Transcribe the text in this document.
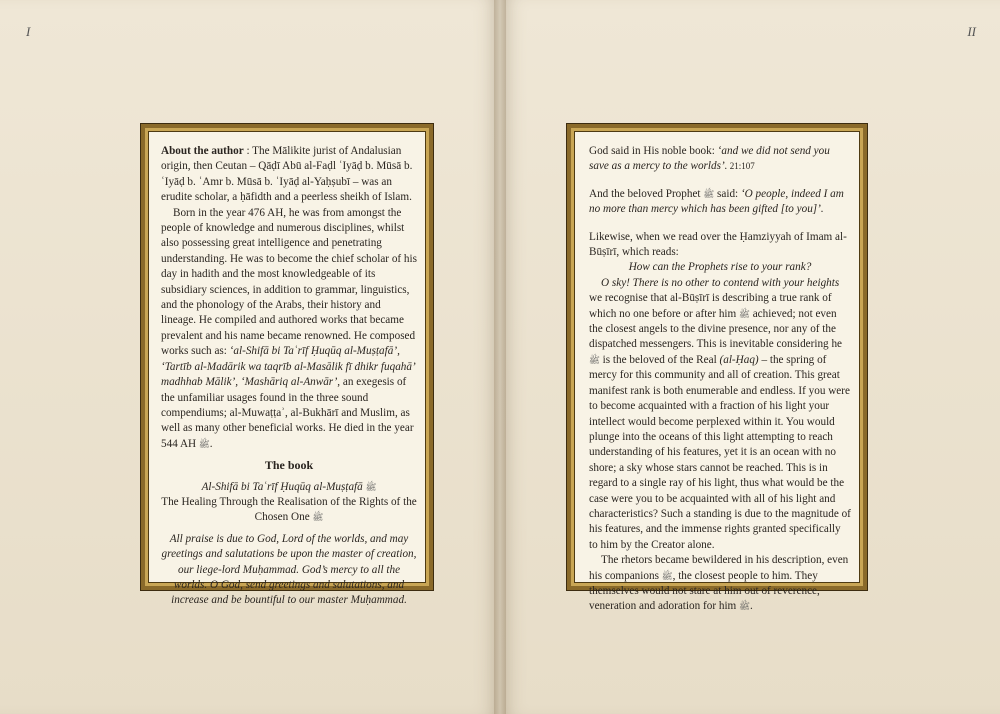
I	II

About the author : The Mālikite jurist of Andalusian origin, then Ceutan – Qāḍī Abū al-Faḍl ʿIyāḍ b. Mūsā b. ʿIyāḍ b. ʿAmr b. Mūsā b. ʿIyāḍ al-Yaḥṣubī – was an erudite scholar, a ḥāfidth and a peerless sheikh of Islam.

Born in the year 476 AH, he was from amongst the people of knowledge and numerous disciplines, whilst also possessing great intelligence and penetrating understanding. He was to become the chief scholar of his day in hadith and the most knowledgeable of its subsidiary sciences, in addition to grammar, linguistics, and the phonology of the Arabs, their history and lineage. He compiled and authored works that became prevalent and his name became renowned. He composed works such as: ‘al-Shifā bi Taʿrīf Ḥuqūq al-Muṣṭafā’, ‘Tartīb al-Madārik wa taqrīb al-Masālik fī dhikr fuqahā’ madhhab Mālik’, ‘Mashāriq al-Anwār’, an exegesis of the unfamiliar usages found in the three sound compendiums; al-Muwaṭṭaʾ, al-Bukhārī and Muslim, as well as many other beneficial works. He died in the year 544 AH ﷺ.

The book

Al-Shifā bi Taʿrīf Ḥuqūq al-Muṣṭafā ﷺ
The Healing Through the Realisation of the Rights of the Chosen One ﷺ

All praise is due to God, Lord of the worlds, and may greetings and salutations be upon the master of creation, our liege-lord Muḥammad. God’s mercy to all the worlds. O God, send greetings and salutations, and increase and be bountiful to our master Muḥammad.

God said in His noble book: ‘and we did not send you save as a mercy to the worlds’. 21:107

And the beloved Prophet ﷺ said: ‘O people, indeed I am no more than mercy which has been gifted [to you]’.

Likewise, when we read over the Ḥamziyyah of Imam al-Būṣīrī, which reads:

How can the Prophets rise to your rank?

O sky! There is no other to contend with your heights

we recognise that al-Būṣīrī is describing a true rank of which no one before or after him ﷺ achieved; not even the closest angels to the divine presence, nor any of the dispatched messengers. This is inevitable considering he ﷺ is the beloved of the Real (al-Ḥaq) – the spring of mercy for this community and all of creation. This great manifest rank is both enumerable and endless. If you were to become acquainted with a fraction of his light your intellect would become perplexed within it. You would plunge into the oceans of this light attempting to reach understanding of his features, yet it is an ocean with no shore; a sky whose stars cannot be reached. This is in regard to a single ray of his light, thus what would be the case were you to be acquainted with all of his light and characteristics? Such a standing is due to the magnitude of his features, and the immense rights granted specifically to him by the Creator alone.

The rhetors became bewildered in his description, even his companions ﷺ, the closest people to him. They themselves would not stare at him out of reverence, veneration and adoration for him ﷺ.
